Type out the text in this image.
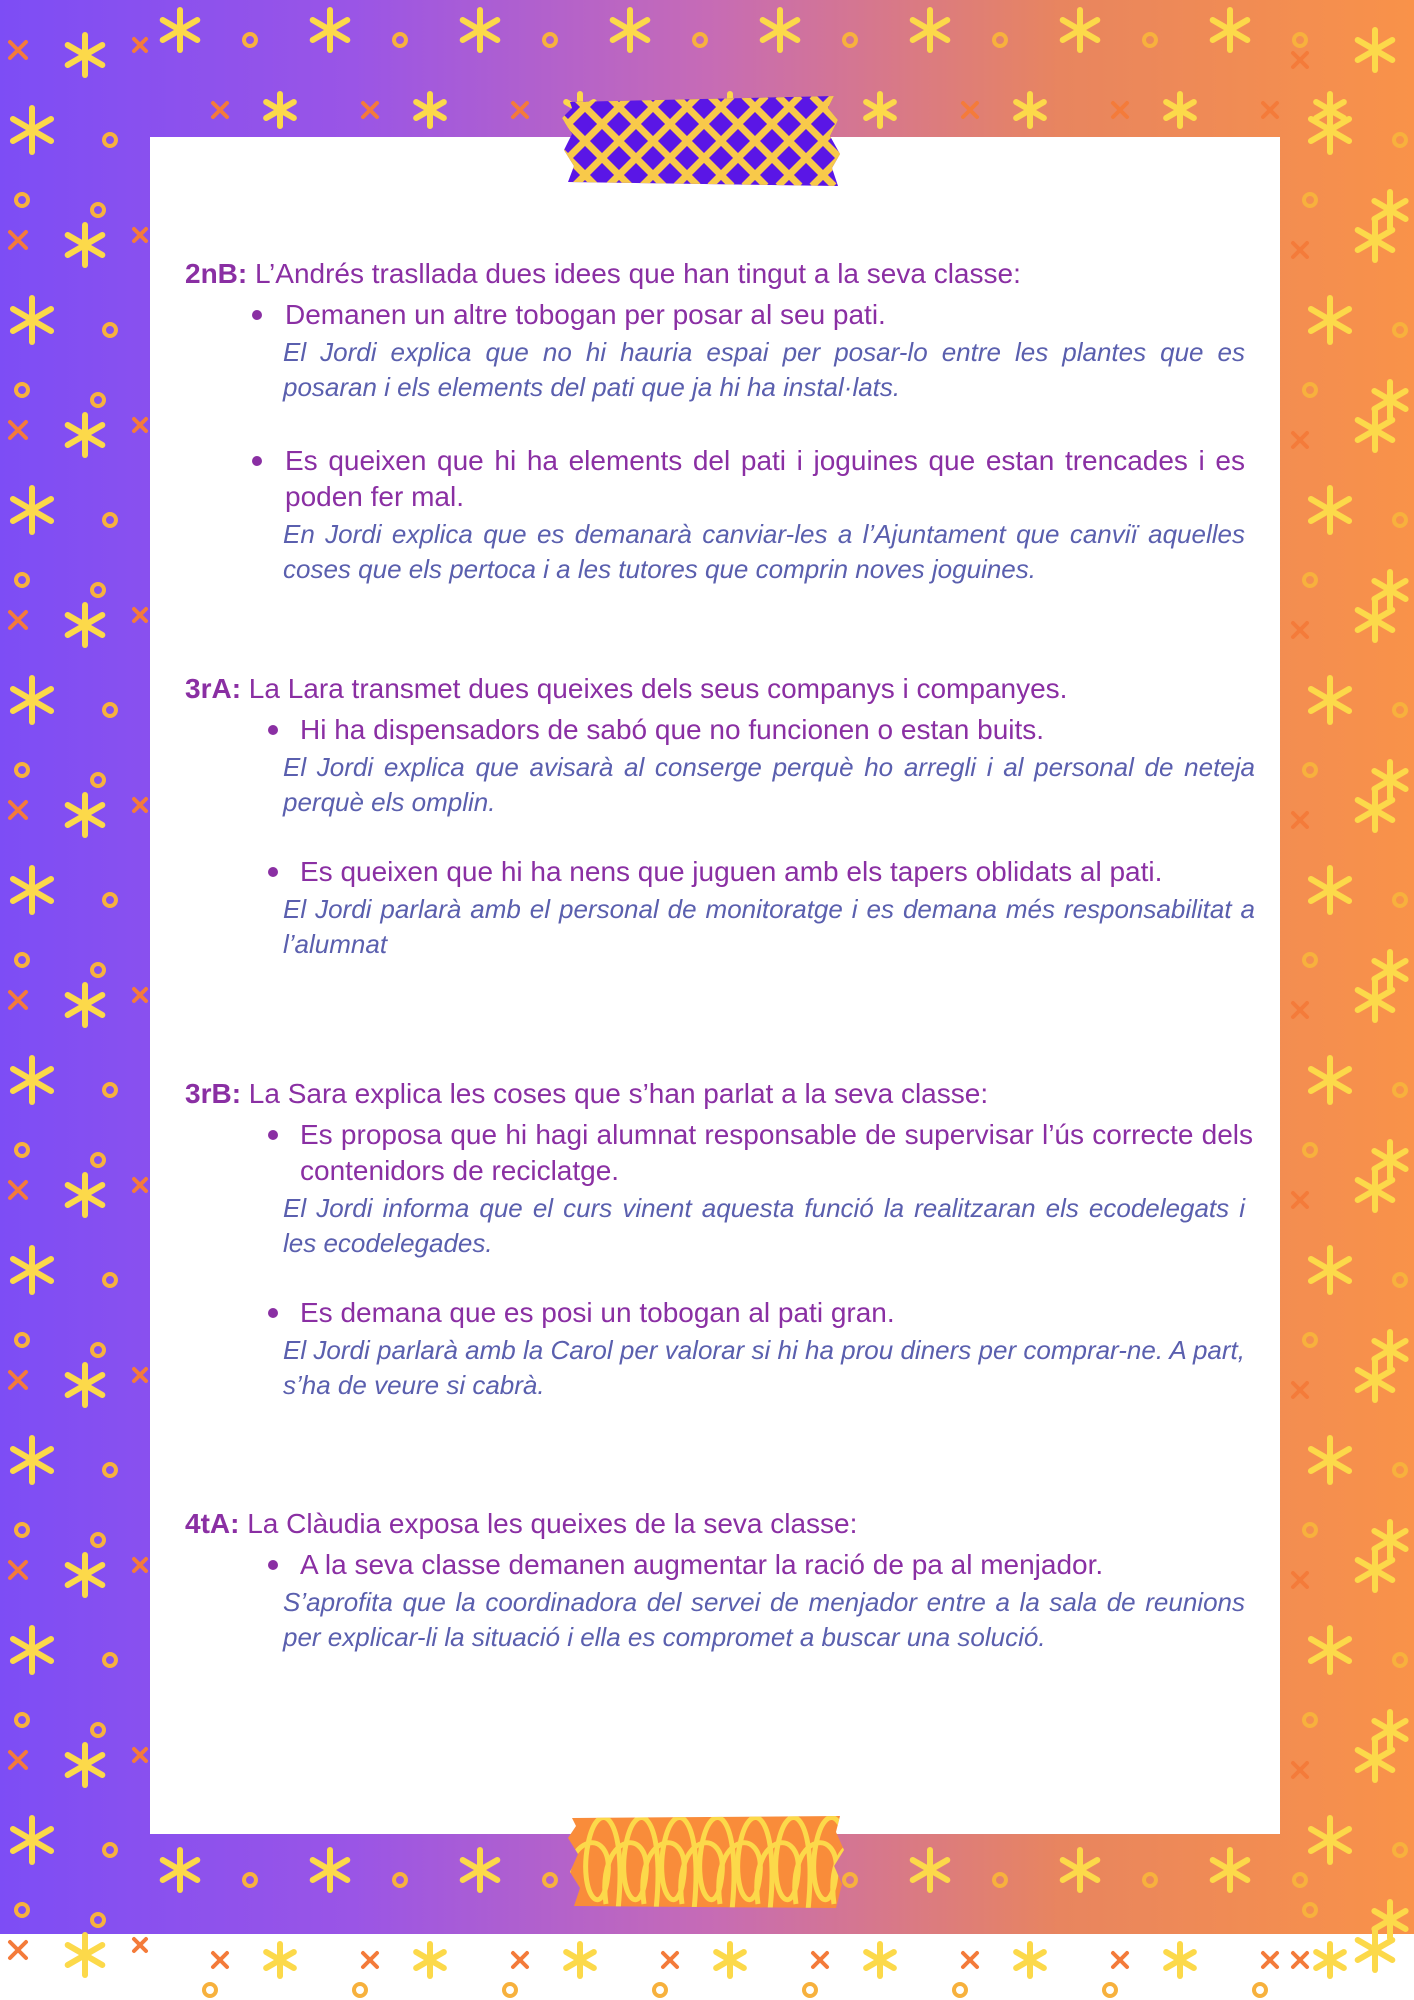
2nB: L’Andrés trasllada dues idees que han tingut a la seva classe:
Demanen un altre tobogan per posar al seu pati.
El Jordi explica que no hi hauria espai per posar-lo entre les plantes que es posaran i els elements del pati que ja hi ha instal·lats.
Es queixen que hi ha elements del pati i joguines que estan trencades i es poden fer mal.
En Jordi explica que es demanarà canviar-les a l’Ajuntament que canviï aquelles coses que els pertoca i a les tutores que comprin noves joguines.
3rA: La Lara transmet dues queixes dels seus companys i companyes.
Hi ha dispensadors de sabó que no funcionen o estan buits.
El Jordi explica que avisarà al conserge perquè ho arregli i al personal de neteja perquè els omplin.
Es queixen que hi ha nens que juguen amb els tapers oblidats al pati.
El Jordi parlarà amb el personal de monitoratge i es demana més responsabilitat a l’alumnat
3rB: La Sara explica les coses que s’han parlat a la seva classe:
Es proposa que hi hagi alumnat responsable de supervisar l’ús correcte dels contenidors de reciclatge.
El Jordi informa que el curs vinent aquesta funció la realitzaran els ecodelegats i les ecodelegades.
Es demana que es posi un tobogan al pati gran.
El Jordi parlarà amb la Carol per valorar si hi ha prou diners per comprar-ne. A part, s’ha de veure si cabrà.
4tA: La Clàudia exposa les queixes de la seva classe:
A la seva classe demanen augmentar la ració de pa al menjador.
S’aprofita que la coordinadora del servei de menjador entre a la sala de reunions per explicar-li la situació i ella es compromet a buscar una solució.
